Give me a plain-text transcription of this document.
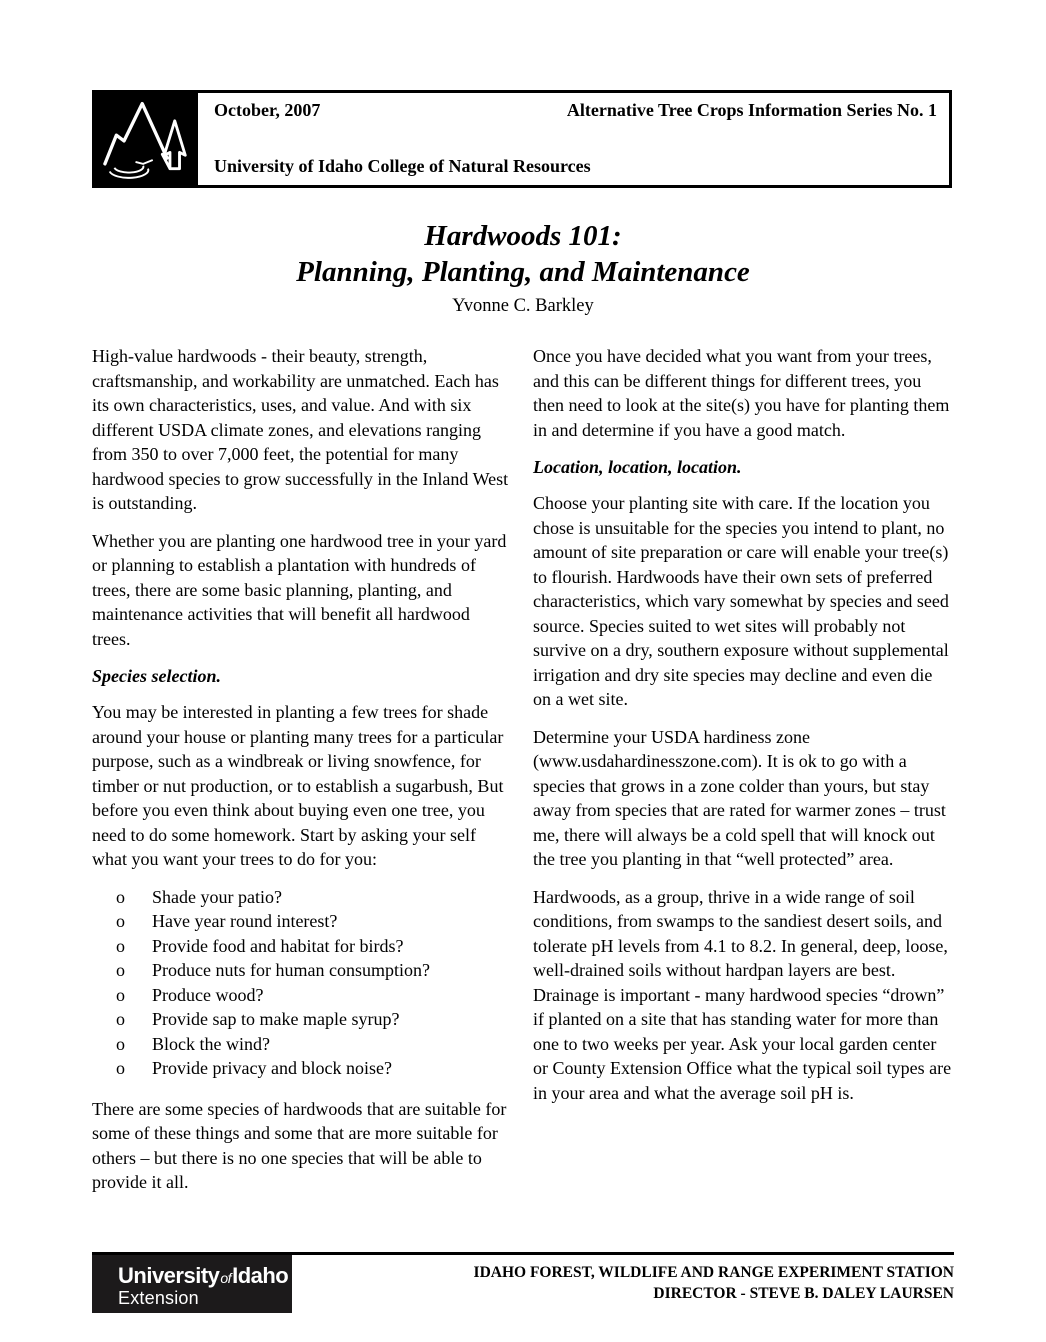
October, 2007	Alternative Tree Crops Information Series No. 1
University of Idaho College of Natural Resources
Hardwoods 101:
Planning, Planting, and Maintenance
Yvonne C. Barkley

High-value hardwoods - their beauty, strength, craftsmanship, and workability are unmatched. Each has its own characteristics, uses, and value. And with six different USDA climate zones, and elevations ranging from 350 to over 7,000 feet, the potential for many hardwood species to grow successfully in the Inland West is outstanding.

Whether you are planting one hardwood tree in your yard or planning to establish a plantation with hundreds of trees, there are some basic planning, planting, and maintenance activities that will benefit all hardwood trees.

Species selection.

You may be interested in planting a few trees for shade around your house or planting many trees for a particular purpose, such as a windbreak or living snowfence, for timber or nut production, or to establish a sugarbush, But before you even think about buying even one tree, you need to do some homework. Start by asking your self what you want your trees to do for you:

o	Shade your patio?
o	Have year round interest?
o	Provide food and habitat for birds?
o	Produce nuts for human consumption?
o	Produce wood?
o	Provide sap to make maple syrup?
o	Block the wind?
o	Provide privacy and block noise?

There are some species of hardwoods that are suitable for some of these things and some that are more suitable for others – but there is no one species that will be able to provide it all.

Once you have decided what you want from your trees, and this can be different things for different trees, you then need to look at the site(s) you have for planting them in and determine if you have a good match.

Location, location, location.

Choose your planting site with care. If the location you chose is unsuitable for the species you intend to plant, no amount of site preparation or care will enable your tree(s) to flourish. Hardwoods have their own sets of preferred characteristics, which vary somewhat by species and seed source. Species suited to wet sites will probably not survive on a dry, southern exposure without supplemental irrigation and dry site species may decline and even die on a wet site.

Determine your USDA hardiness zone (www.usdahardinesszone.com). It is ok to go with a species that grows in a zone colder than yours, but stay away from species that are rated for warmer zones – trust me, there will always be a cold spell that will knock out the tree you planting in that “well protected” area.

Hardwoods, as a group, thrive in a wide range of soil conditions, from swamps to the sandiest desert soils, and tolerate pH levels from 4.1 to 8.2. In general, deep, loose, well-drained soils without hardpan layers are best. Drainage is important - many hardwood species “drown” if planted on a site that has standing water for more than one to two weeks per year. Ask your local garden center or County Extension Office what the typical soil types are in your area and what the average soil pH is.

UniversityofIdaho
Extension
IDAHO FOREST, WILDLIFE AND RANGE EXPERIMENT STATION
DIRECTOR - STEVE B. DALEY LAURSEN
